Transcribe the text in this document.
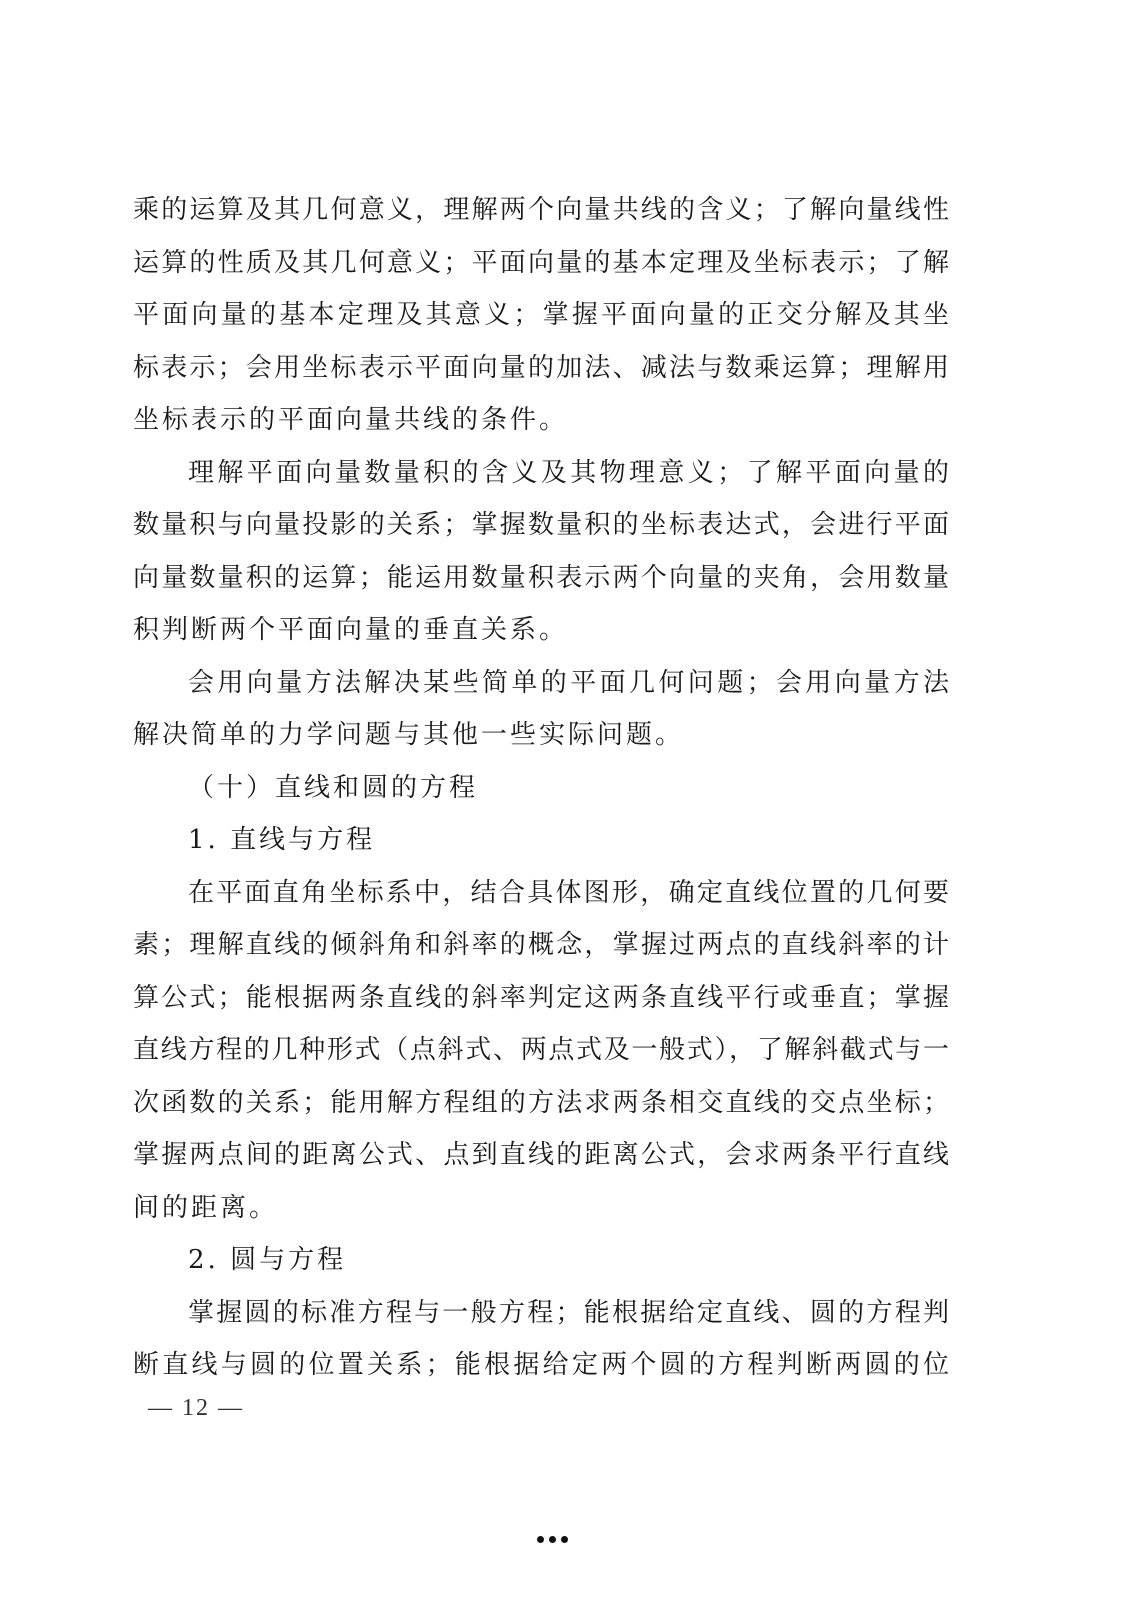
乘的运算及其几何意义，理解两个向量共线的含义；了解向量线性
运算的性质及其几何意义；平面向量的基本定理及坐标表示；了解
平面向量的基本定理及其意义；掌握平面向量的正交分解及其坐
标表示；会用坐标表示平面向量的加法、减法与数乘运算；理解用
坐标表示的平面向量共线的条件。
理解平面向量数量积的含义及其物理意义；了解平面向量的
数量积与向量投影的关系；掌握数量积的坐标表达式，会进行平面
向量数量积的运算；能运用数量积表示两个向量的夹角，会用数量
积判断两个平面向量的垂直关系。
会用向量方法解决某些简单的平面几何问题；会用向量方法
解决简单的力学问题与其他一些实际问题。
（十）直线和圆的方程
1. 直线与方程
在平面直角坐标系中，结合具体图形，确定直线位置的几何要
素；理解直线的倾斜角和斜率的概念，掌握过两点的直线斜率的计
算公式；能根据两条直线的斜率判定这两条直线平行或垂直；掌握
直线方程的几种形式（点斜式、两点式及一般式），了解斜截式与一
次函数的关系；能用解方程组的方法求两条相交直线的交点坐标；
掌握两点间的距离公式、点到直线的距离公式，会求两条平行直线
间的距离。
2. 圆与方程
掌握圆的标准方程与一般方程；能根据给定直线、圆的方程判
断直线与圆的位置关系；能根据给定两个圆的方程判断两圆的位
— 12 —
